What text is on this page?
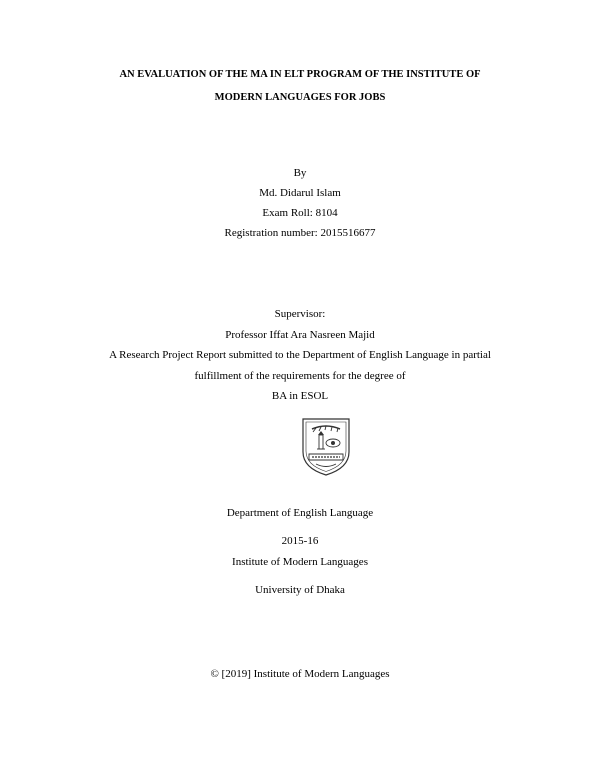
AN EVALUATION OF THE MA IN ELT PROGRAM OF THE INSTITUTE OF
MODERN LANGUAGES FOR JOBS
By
Md. Didarul Islam
Exam Roll: 8104
Registration number: 2015516677
Supervisor:
Professor Iffat Ara Nasreen Majid
A Research Project Report submitted to the Department of English Language in partial
fulfillment of the requirements for the degree of
BA in ESOL
Department of English Language
2015-16
Institute of Modern Languages
University of Dhaka
© [2019] Institute of Modern Languages
